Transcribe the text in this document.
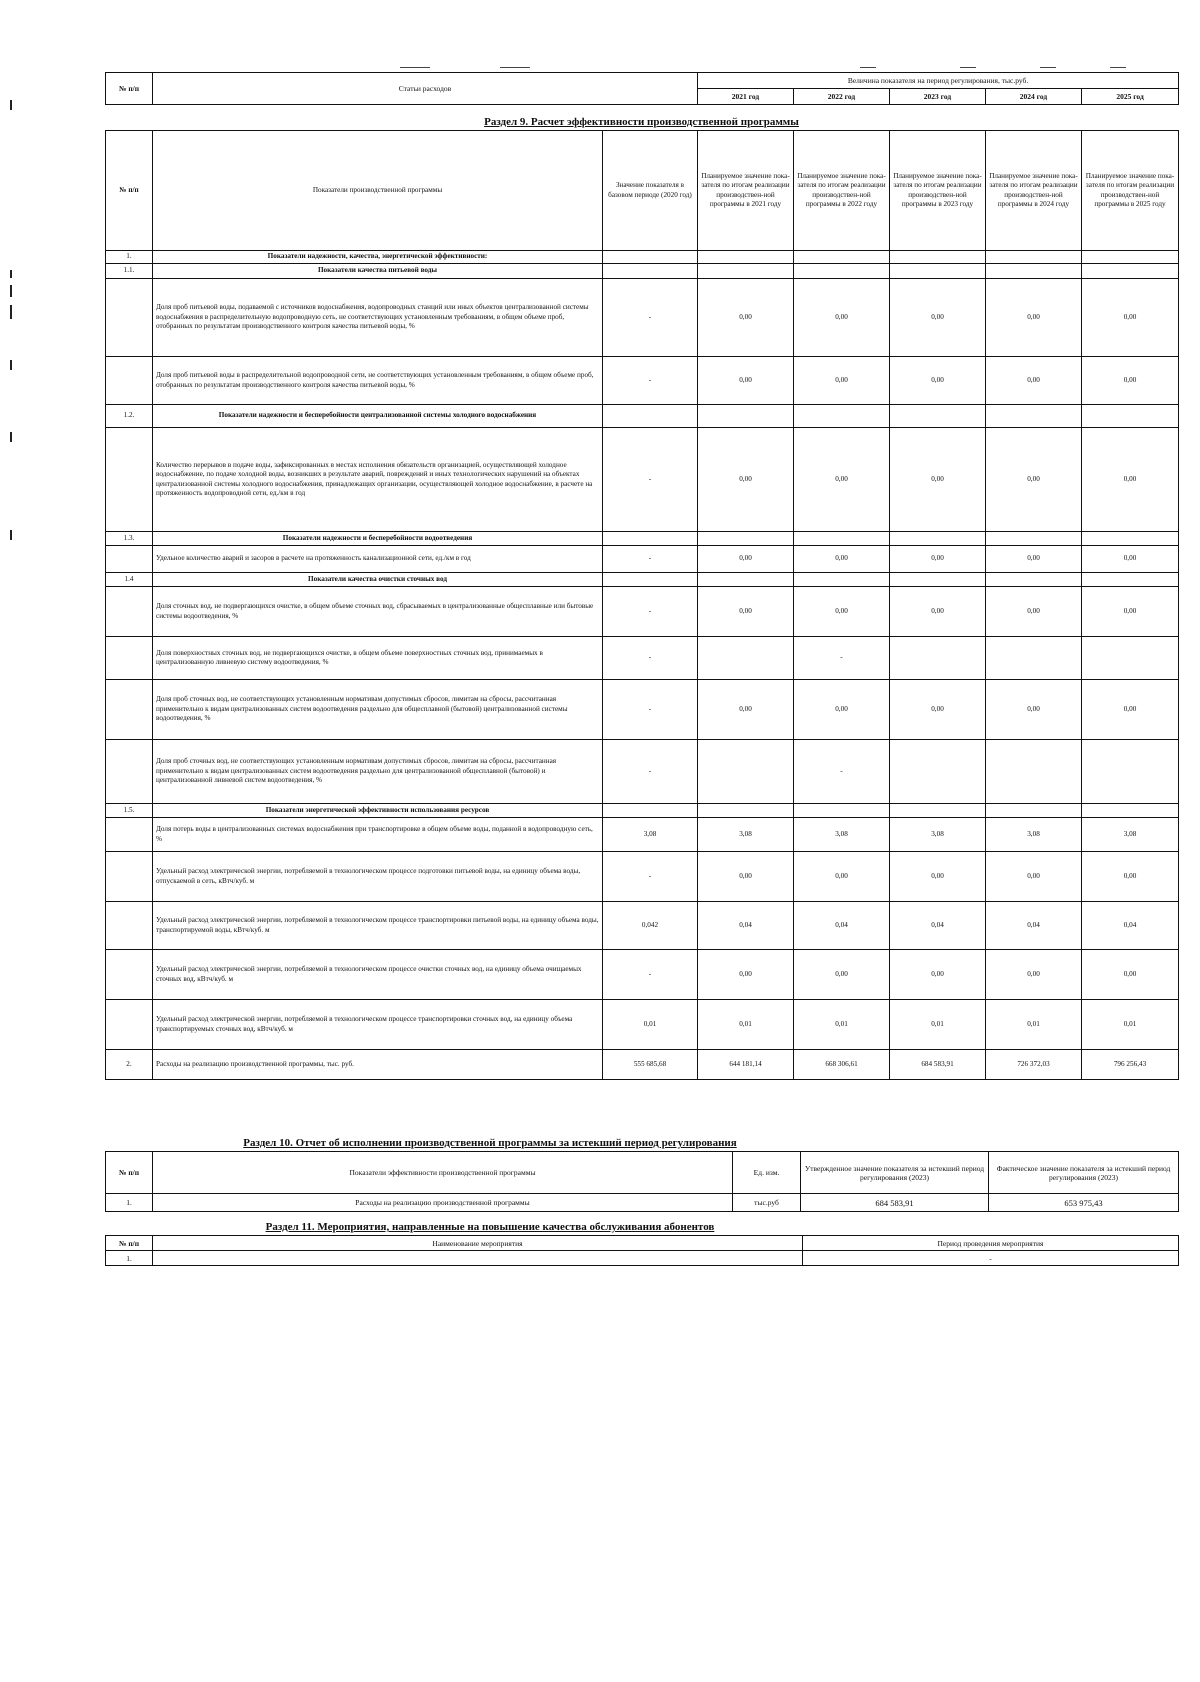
№ п/п	Статьи расходов	Величина показателя на период регулирования, тыс.руб.				
		2021 год	2022 год	2023 год	2024 год	2025 год
Раздел 9. Расчет эффективности производственной программы
№ п/п	Показатели производственной программы	Значение показателя в базовом периоде (2020 год)	Планируемое значение пока-зателя по итогам реализации производствен-ной программы в 2021 году	Планируемое значение пока-зателя по итогам реализации производствен-ной программы в 2022 году	Планируемое значение пока-зателя по итогам реализации производствен-ной программы в 2023 году	Планируемое значение пока-зателя по итогам реализации производствен-ной программы в 2024 году	Планируемое значение пока-зателя по итогам реализации производствен-ной программы в 2025 году
1.	Показатели надежности, качества, энергетической эффективности:						
1.1.	Показатели качества питьевой воды						
	Доля проб питьевой воды, подаваемой с источников водоснабжения, водопроводных станций или иных объектов централизованной системы водоснабжения в распределительную водопроводную сеть, не соответствующих установленным требованиям, в общем объеме проб, отобранных по результатам производственного контроля качества питьевой воды, %	-	0,00	0,00	0,00	0,00	0,00
	Доля проб питьевой воды в распределительной водопроводной сети, не соответствующих установленным требованиям, в общем объеме проб, отобранных по результатам производственного контроля качества питьевой воды, %	-	0,00	0,00	0,00	0,00	0,00
1.2.	Показатели надежности и бесперебойности централизованной системы холодного водоснабжения						
	Количество перерывов в подаче воды, зафиксированных в местах исполнения обязательств организацией, осуществляющей холодное водоснабжение, по подаче холодной воды, возникших в результате аварий, повреждений и иных технологических нарушений на объектах централизованной системы холодного водоснабжения, принадлежащих организации, осуществляющей холодное водоснабжение, в расчете на протяженность водопроводной сети, ед./км в год	-	0,00	0,00	0,00	0,00	0,00
1.3.	Показатели надежности и бесперебойности водоотведения						
	Удельное количество аварий и засоров в расчете на протяженность канализационной сети, ед./км в год	-	0,00	0,00	0,00	0,00	0,00
1.4	Показатели качества очистки сточных вод						
	Доля сточных вод, не подвергающихся очистке, в общем объеме сточных вод, сбрасываемых в централизованные общесплавные или бытовые системы водоотведения, %	-	0,00	0,00	0,00	0,00	0,00
	Доля поверхностных сточных вод, не подвергающихся очистке, в общем объеме поверхностных сточных вод, принимаемых в централизованную ливневую систему водоотведения, %	-		-			
	Доля проб сточных вод, не соответствующих установленным нормативам допустимых сбросов, лимитам на сбросы, рассчитанная применительно к видам централизованных систем водоотведения раздельно для общесплавной (бытовой) централизованной системы водоотведения, %	-	0,00	0,00	0,00	0,00	0,00
	Доля проб сточных вод, не соответствующих установленным нормативам допустимых сбросов, лимитам на сбросы, рассчитанная применительно к видам централизованных систем водоотведения раздельно для централизованной общесплавной (бытовой) и централизованной ливневой систем водоотведения, %	-		-			
1.5.	Показатели энергетической эффективности использования ресурсов						
	Доля потерь воды в централизованных системах водоснабжения при транспортировке в общем объеме воды, поданной в водопроводную сеть, %	3,08	3,08	3,08	3,08	3,08	3,08
	Удельный расход электрической энергии, потребляемой в технологическом процессе подготовки питьевой воды, на единицу объема воды, отпускаемой в сеть, кВтч/куб. м	-	0,00	0,00	0,00	0,00	0,00
	Удельный расход электрической энергии, потребляемой в технологическом процессе транспортировки питьевой воды, на единицу объема воды, транспортируемой воды, кВтч/куб. м	0,042	0,04	0,04	0,04	0,04	0,04
	Удельный расход электрической энергии, потребляемой в технологическом процессе очистки сточных вод, на единицу объема очищаемых сточных вод, кВтч/куб. м	-	0,00	0,00	0,00	0,00	0,00
	Удельный расход электрической энергии, потребляемой в технологическом процессе транспортировки сточных вод, на единицу объема транспортируемых сточных вод, кВтч/куб. м	0,01	0,01	0,01	0,01	0,01	0,01
2.	Расходы на реализацию производственной программы, тыс. руб.	555 685,68	644 181,14	668 306,61	684 583,91	726 372,03	796 256,43
Раздел 10. Отчет об исполнении производственной программы за истекший период регулирования
№ п/п	Показатели эффективности производственной программы	Ед. изм.	Утвержденное значение показателя за истекший период регулирования (2023)	Фактическое значение показателя за истекший период регулирования (2023)
1.	Расходы на реализацию производственной программы	тыс.руб	684 583,91	653 975,43
Раздел 11. Мероприятия, направленные на повышение качества обслуживания абонентов
№ п/п	Наименование мероприятия	Период проведения мероприятия
1.		-
